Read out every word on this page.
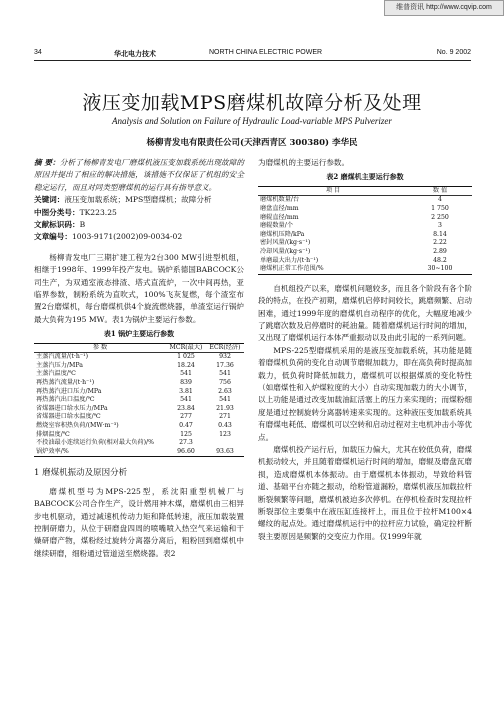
维普资讯 http://www.cqvip.com
34	华北电力技术	NORTH CHINA ELECTRIC POWER	No. 9 2002
液压变加载MPS磨煤机故障分析及处理
Analysis and Solution on Failure of Hydraulic Load-variable MPS Pulverizer
杨柳青发电有限责任公司(天津西青区 300380) 李华民

摘 要：分析了杨柳青发电厂磨煤机液压变加载系统出现故障的原因并提出了相应的解决措施，该措施不仅保证了机组的安全稳定运行，而且对同类型磨煤机的运行具有指导意义。

关键词：液压变加载系统；MPS型磨煤机；故障分析

中图分类号：TK223.25

文献标识码：B

文章编号：1003-9171(2002)09-0034-02

杨柳青发电厂三期扩建工程为2台300 MW引进型机组，相继于1998年、1999年投产发电。锅炉系德国BABCOCK公司生产，为双通室液态排渣、塔式直流炉，一次中间再热，亚临界参数，制粉系统为直吹式，100%飞灰复燃，每个渣室布置2台磨煤机，每台磨煤机供4个旋流燃烧器，单渣室运行锅炉最大负荷为195 MW。表1为锅炉主要运行参数。

表1 锅炉主要运行参数
参 数	MCR(最大)	ECR(经济)
主蒸汽流量/(t·h⁻¹)	1 025	932
主蒸汽压力/MPa	18.24	17.36
主蒸汽温度/℃	541	541
再热蒸汽流量/(t·h⁻¹)	839	756
再热蒸汽进口压力/MPa	3.81	2.63
再热蒸汽出口温度/℃	541	541
省煤器进口给水压力/MPa	23.84	21.93
省煤器进口给水温度/℃	277	271
燃烧室容积热负荷/(MW·m⁻³)	0.47	0.43
排烟温度/℃	125	123
不投油最小连续运行负荷(相对最大负荷)/%	27.3	
锅炉效率/%	96.60	93.63

1 磨煤机振动及原因分析

磨煤机型号为MPS-225型，系沈阳重型机械厂与BABCOCK公司合作生产，设计燃用神木煤，磨煤机由三相异步电机驱动，通过减速机传动力矩和降低转速，液压加载装置控制研磨力，从位于研磨盘四周的喷嘴喷入热空气来运输和干燥研磨产物，煤粉经过旋转分离器分离后，粗粉回到磨煤机中继续研磨，细粉通过管道送至燃烧器。表2

为磨煤机的主要运行参数。

表2 磨煤机主要运行参数
项 目	数 值
磨煤机数量/台	4
磨盘直径/mm	1 750
磨辊直径/mm	2 250
磨辊数量/个	3
磨煤机压降/kPa	8.14
密封风量/(kg·s⁻¹)	2.22
冷却风量/(kg·s⁻¹)	2.89
单磨最大出力/(t·h⁻¹)	48.2
磨煤机正常工作范围/%	30~100

自机组投产以来，磨煤机问题较多，而且各个阶段有各个阶段的特点，在投产初期，磨煤机启停时间较长，跳磨频繁、启动困难，通过1999年度的磨煤机自动程序的优化，大幅度地减少了跳磨次数及启停磨时的耗油量。随着磨煤机运行时间的增加，又出现了磨煤机运行本体严重振动以及由此引起的一系列问题。

MPS-225型磨煤机采用的是液压变加载系统，其功能是随着磨煤机负荷的变化自动调节磨辊加载力，即在高负荷时提高加载力，低负荷时降低加载力，磨煤机可以根据煤质的变化特性（如磨煤性和入炉煤粒度的大小）自动实现加载力的大小调节，以上功能是通过改变加载油缸活塞上的压力来实现的；而煤粉细度是通过控制旋转分离器转速来实现的。这种液压变加载系统具有磨煤电耗低、磨煤机可以空转和启动过程对主电机冲击小等优点。

磨煤机投产运行后，加载压力偏大，尤其在较低负荷，磨煤机振动较大，并且随着磨煤机运行时间的增加，磨辊及磨盘瓦磨损，造成磨煤机本体振动。由于磨煤机本体振动，导致给料管道、基础平台亦随之振动，给粉管道漏粉，磨煤机液压加载拉杆断裂频繁等问题，磨煤机被迫多次停机。在停机检查时发现拉杆断裂部位主要集中在液压缸连接杆上，而且位于拉杆M100×4螺纹的起点处。通过磨煤机运行中的拉杆应力试验，确定拉杆断裂主要原因是频繁的交变应力作用。仅1999年就
